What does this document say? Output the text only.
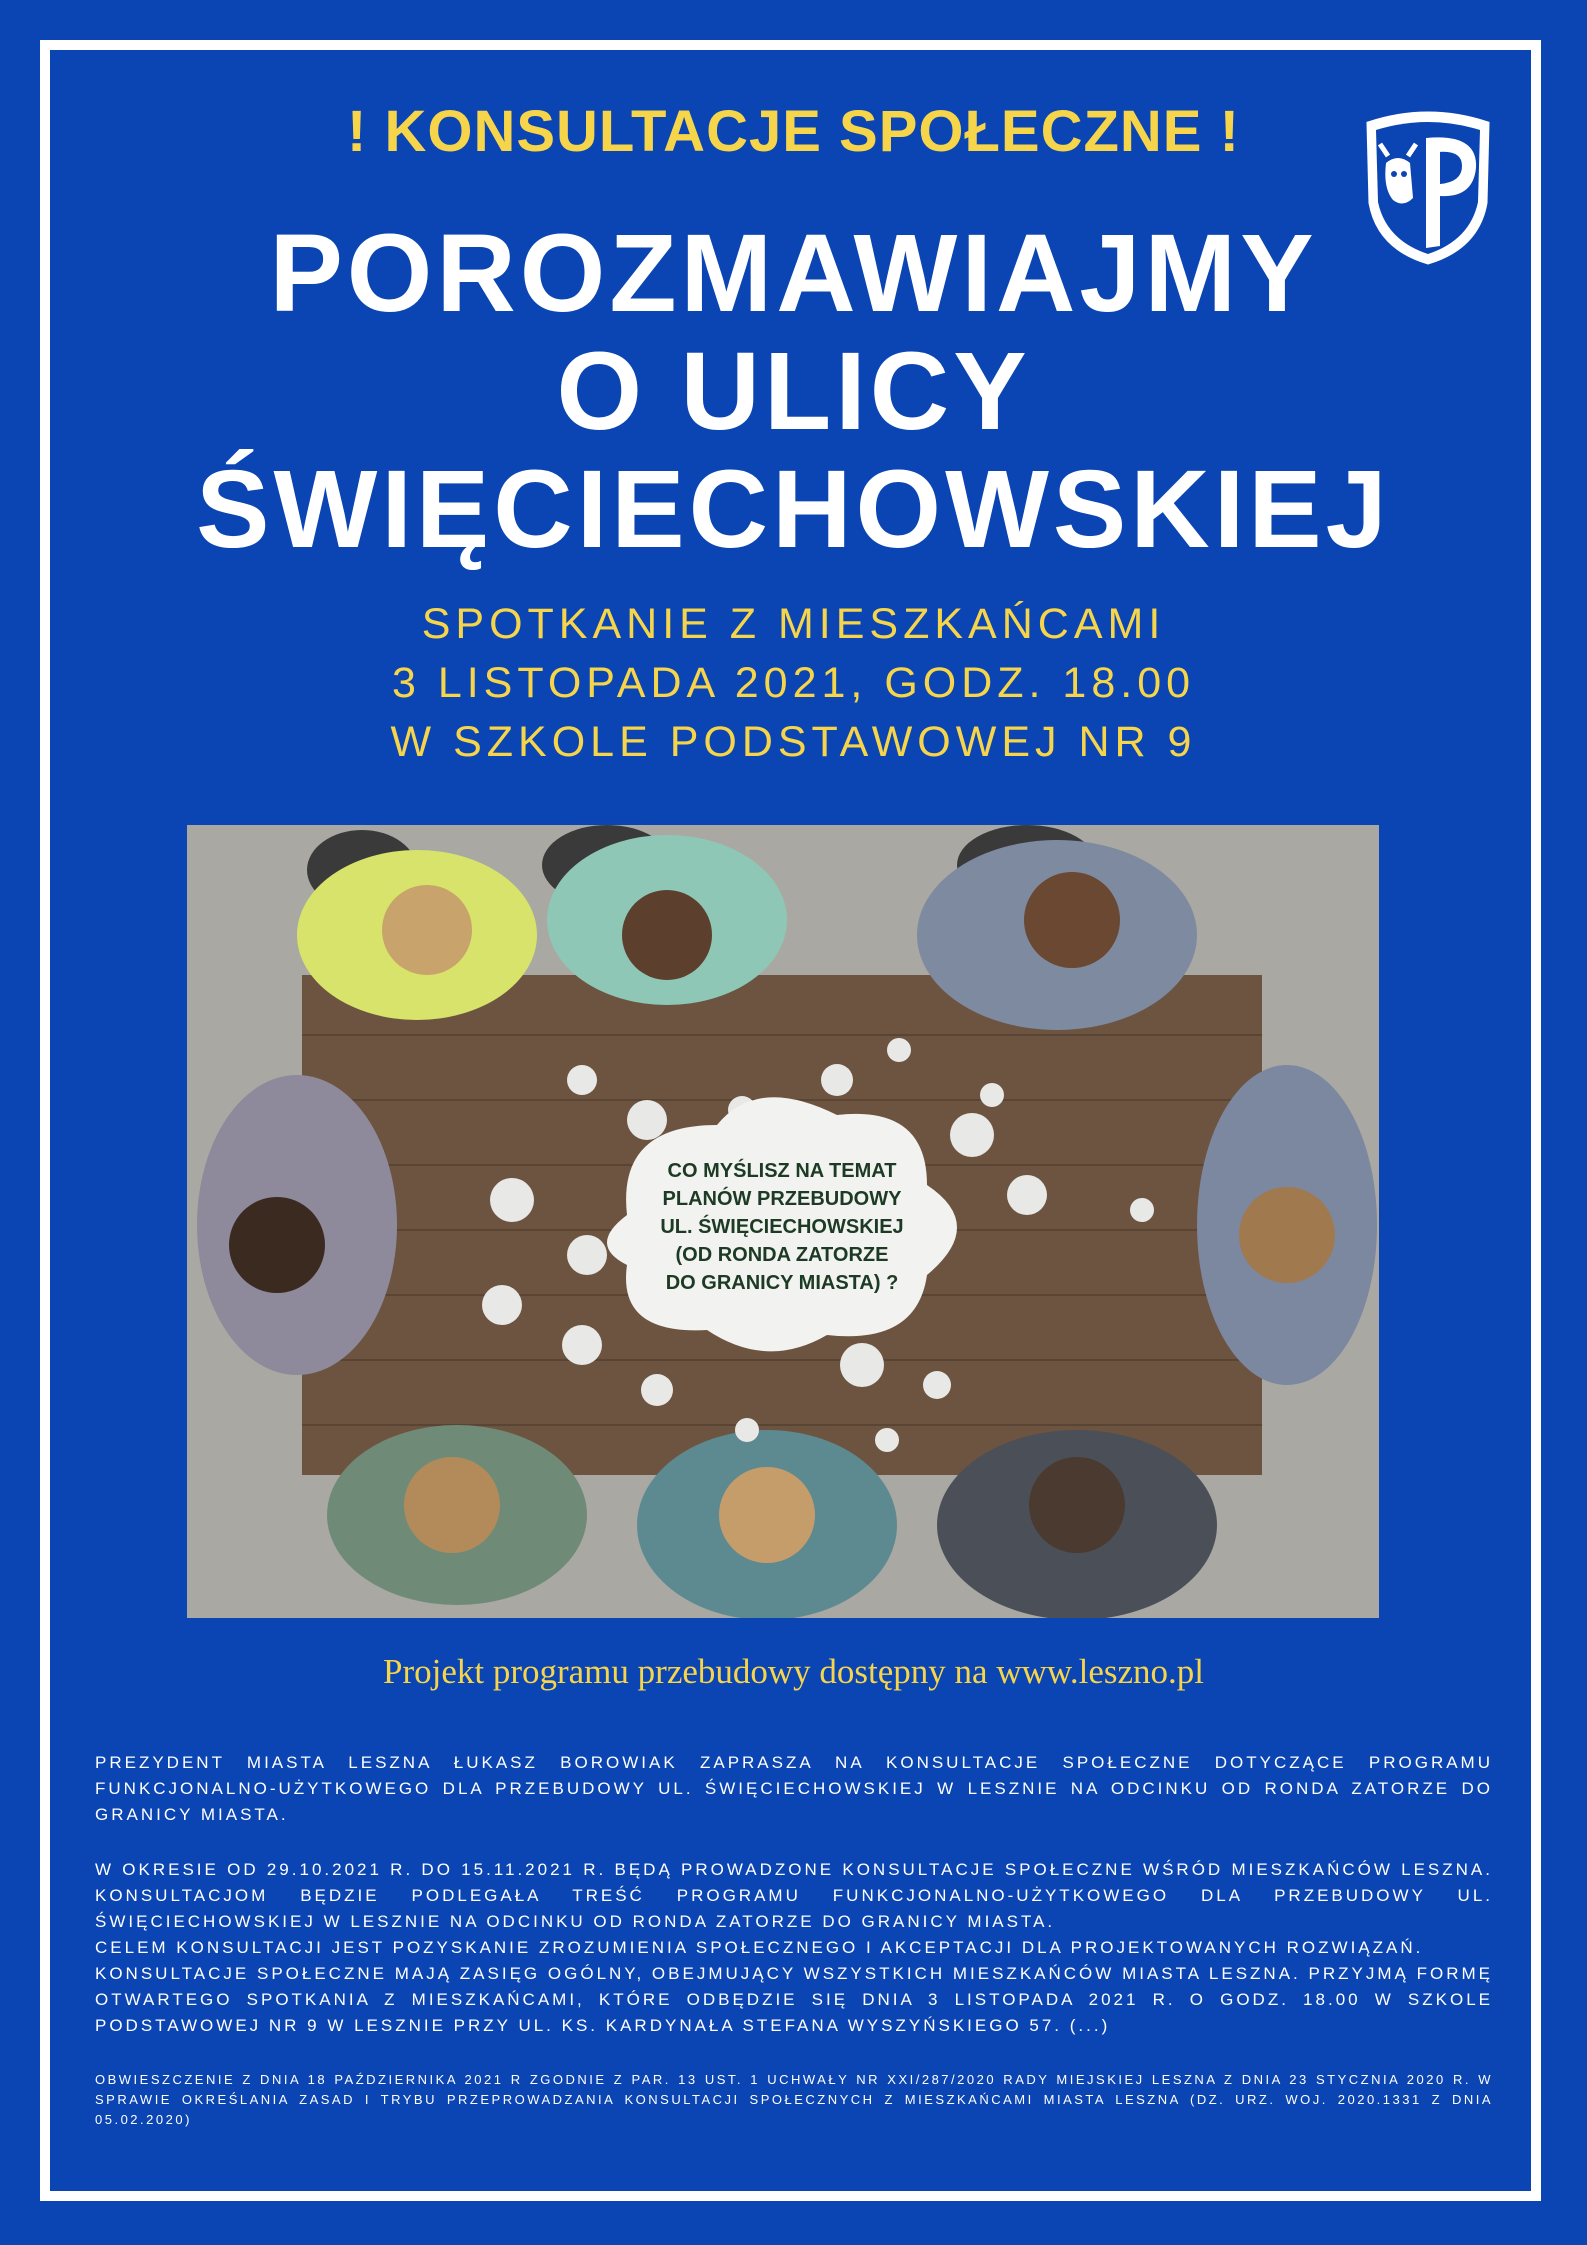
! KONSULTACJE SPOŁECZNE !
POROZMAWIAJMY
O ULICY
ŚWIĘCIECHOWSKIEJ
SPOTKANIE Z MIESZKAŃCAMI
3 LISTOPADA 2021, GODZ. 18.00
W SZKOLE PODSTAWOWEJ NR 9
CO MYŚLISZ NA TEMAT
PLANÓW PRZEBUDOWY
UL. ŚWIĘCIECHOWSKIEJ
(OD RONDA ZATORZE
DO GRANICY MIASTA) ?
Projekt programu przebudowy dostępny na www.leszno.pl

PREZYDENT MIASTA LESZNA ŁUKASZ BOROWIAK ZAPRASZA NA KONSULTACJE SPOŁECZNE DOTYCZĄCE PROGRAMU FUNKCJONALNO-UŻYTKOWEGO DLA PRZEBUDOWY UL. ŚWIĘCIECHOWSKIEJ W LESZNIE NA ODCINKU OD RONDA ZATORZE DO GRANICY MIASTA.

W OKRESIE OD 29.10.2021 R. DO 15.11.2021 R. BĘDĄ PROWADZONE KONSULTACJE SPOŁECZNE WŚRÓD MIESZKAŃCÓW LESZNA. KONSULTACJOM BĘDZIE PODLEGAŁA TREŚĆ PROGRAMU FUNKCJONALNO-UŻYTKOWEGO DLA PRZEBUDOWY UL. ŚWIĘCIECHOWSKIEJ W LESZNIE NA ODCINKU OD RONDA ZATORZE DO GRANICY MIASTA.

CELEM KONSULTACJI JEST POZYSKANIE ZROZUMIENIA SPOŁECZNEGO I AKCEPTACJI DLA PROJEKTOWANYCH ROZWIĄZAŃ.

KONSULTACJE SPOŁECZNE MAJĄ ZASIĘG OGÓLNY, OBEJMUJĄCY WSZYSTKICH MIESZKAŃCÓW MIASTA LESZNA. PRZYJMĄ FORMĘ OTWARTEGO SPOTKANIA Z MIESZKAŃCAMI, KTÓRE ODBĘDZIE SIĘ DNIA 3 LISTOPADA 2021 R. O GODZ. 18.00 W SZKOLE PODSTAWOWEJ NR 9 W LESZNIE PRZY UL. KS. KARDYNAŁA STEFANA WYSZYŃSKIEGO 57. (...)

OBWIESZCZENIE Z DNIA 18 PAŹDZIERNIKA 2021 R ZGODNIE Z PAR. 13 UST. 1 UCHWAŁY NR XXI/287/2020 RADY MIEJSKIEJ LESZNA Z DNIA 23 STYCZNIA 2020 R. W SPRAWIE OKREŚLANIA ZASAD I TRYBU PRZEPROWADZANIA KONSULTACJI SPOŁECZNYCH Z MIESZKAŃCAMI MIASTA LESZNA (DZ. URZ. WOJ. 2020.1331 Z DNIA 05.02.2020)
